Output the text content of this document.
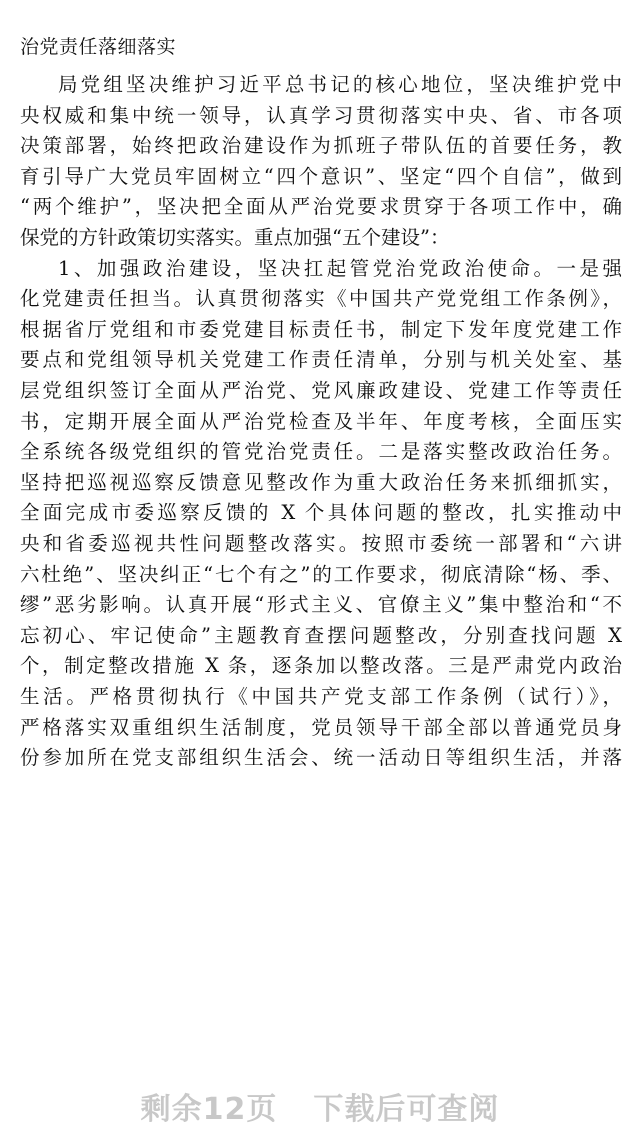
治党责任落细落实
局党组坚决维护习近平总书记的核心地位，坚决维护党中
央权威和集中统一领导，认真学习贯彻落实中央、省、市各项
决策部署，始终把政治建设作为抓班子带队伍的首要任务，教
育引导广大党员牢固树立“四个意识”、坚定“四个自信”，做到
“两个维护”，坚决把全面从严治党要求贯穿于各项工作中，确
保党的方针政策切实落实。重点加强“五个建设”：
1、加强政治建设，坚决扛起管党治党政治使命。一是强
化党建责任担当。认真贯彻落实《中国共产党党组工作条例》，
根据省厅党组和市委党建目标责任书，制定下发年度党建工作
要点和党组领导机关党建工作责任清单，分别与机关处室、基
层党组织签订全面从严治党、党风廉政建设、党建工作等责任
书，定期开展全面从严治党检查及半年、年度考核，全面压实
全系统各级党组织的管党治党责任。二是落实整改政治任务。
坚持把巡视巡察反馈意见整改作为重大政治任务来抓细抓实，
全面完成市委巡察反馈的 X 个具体问题的整改，扎实推动中
央和省委巡视共性问题整改落实。按照市委统一部署和“六讲
六杜绝”、坚决纠正“七个有之”的工作要求，彻底清除“杨、季、
缪”恶劣影响。认真开展“形式主义、官僚主义”集中整治和“不
忘初心、牢记使命”主题教育查摆问题整改，分别查找问题 X
个，制定整改措施 X 条，逐条加以整改落。三是严肃党内政治
生活。严格贯彻执行《中国共产党支部工作条例（试行）》，
严格落实双重组织生活制度，党员领导干部全部以普通党员身
份参加所在党支部组织生活会、统一活动日等组织生活，并落
剩余12页 下载后可查阅
